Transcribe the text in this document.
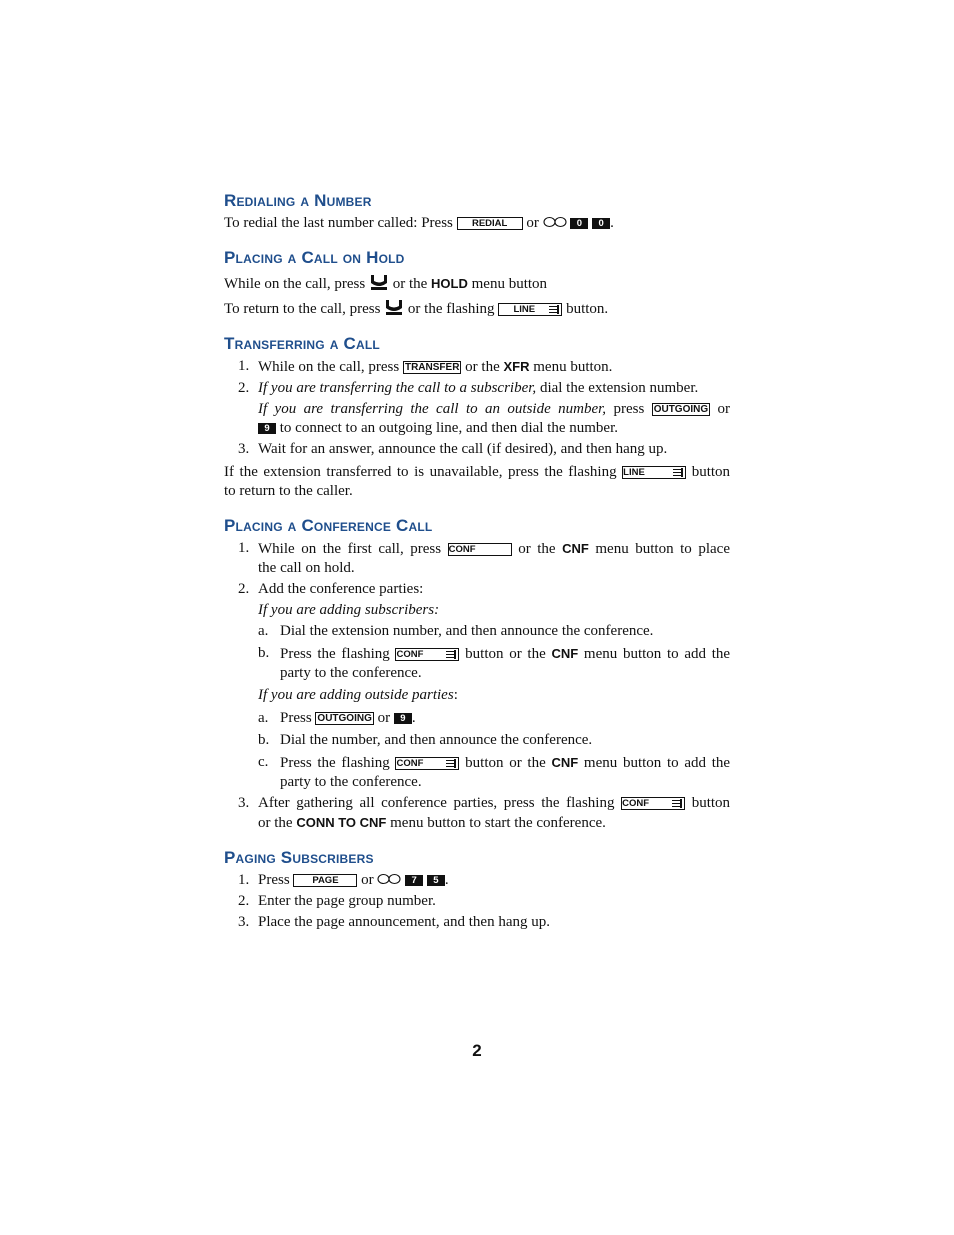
Redialing a Number

To redial the last number called: Press REDIAL or	0 0 .

Placing a Call on Hold

While on the call, press or the HOLD menu button

To return to the call, press or the flashing LINE button.

Transferring a Call
1. While on the call, press TRANSFER or the XFR menu button.
2. If you are transferring the call to a subscriber, dial the extension number.
If you are transferring the call to an outside number, press OUTGOING or
9 to connect to an outgoing line, and then dial the number.
3. Wait for an answer, announce the call (if desired), and then hang up.
If the extension transferred to is unavailable, press the flashing LINE	button

to return to the caller.

Placing a Conference Call
1. While on the first call, press CONF	or the CNF menu button to place
the call on hold.
2. Add the conference parties:
If you are adding subscribers:
a. Dial the extension number, and then announce the conference.
b. Press the flashing CONF	button or the CNF menu button to add the
party to the conference.
If you are adding outside parties:
a. Press OUTGOING or 9 .
b. Dial the number, and then announce the conference.
c. Press the flashing CONF	button or the CNF menu button to add the
party to the conference.
3. After gathering all conference parties, press the flashing CONF	button
or the CONN TO CNF menu button to start the conference.
Paging Subscribers
1. Press PAGE or	7 5 .
2. Enter the page group number.
3. Place the page announcement, and then hang up.
2
